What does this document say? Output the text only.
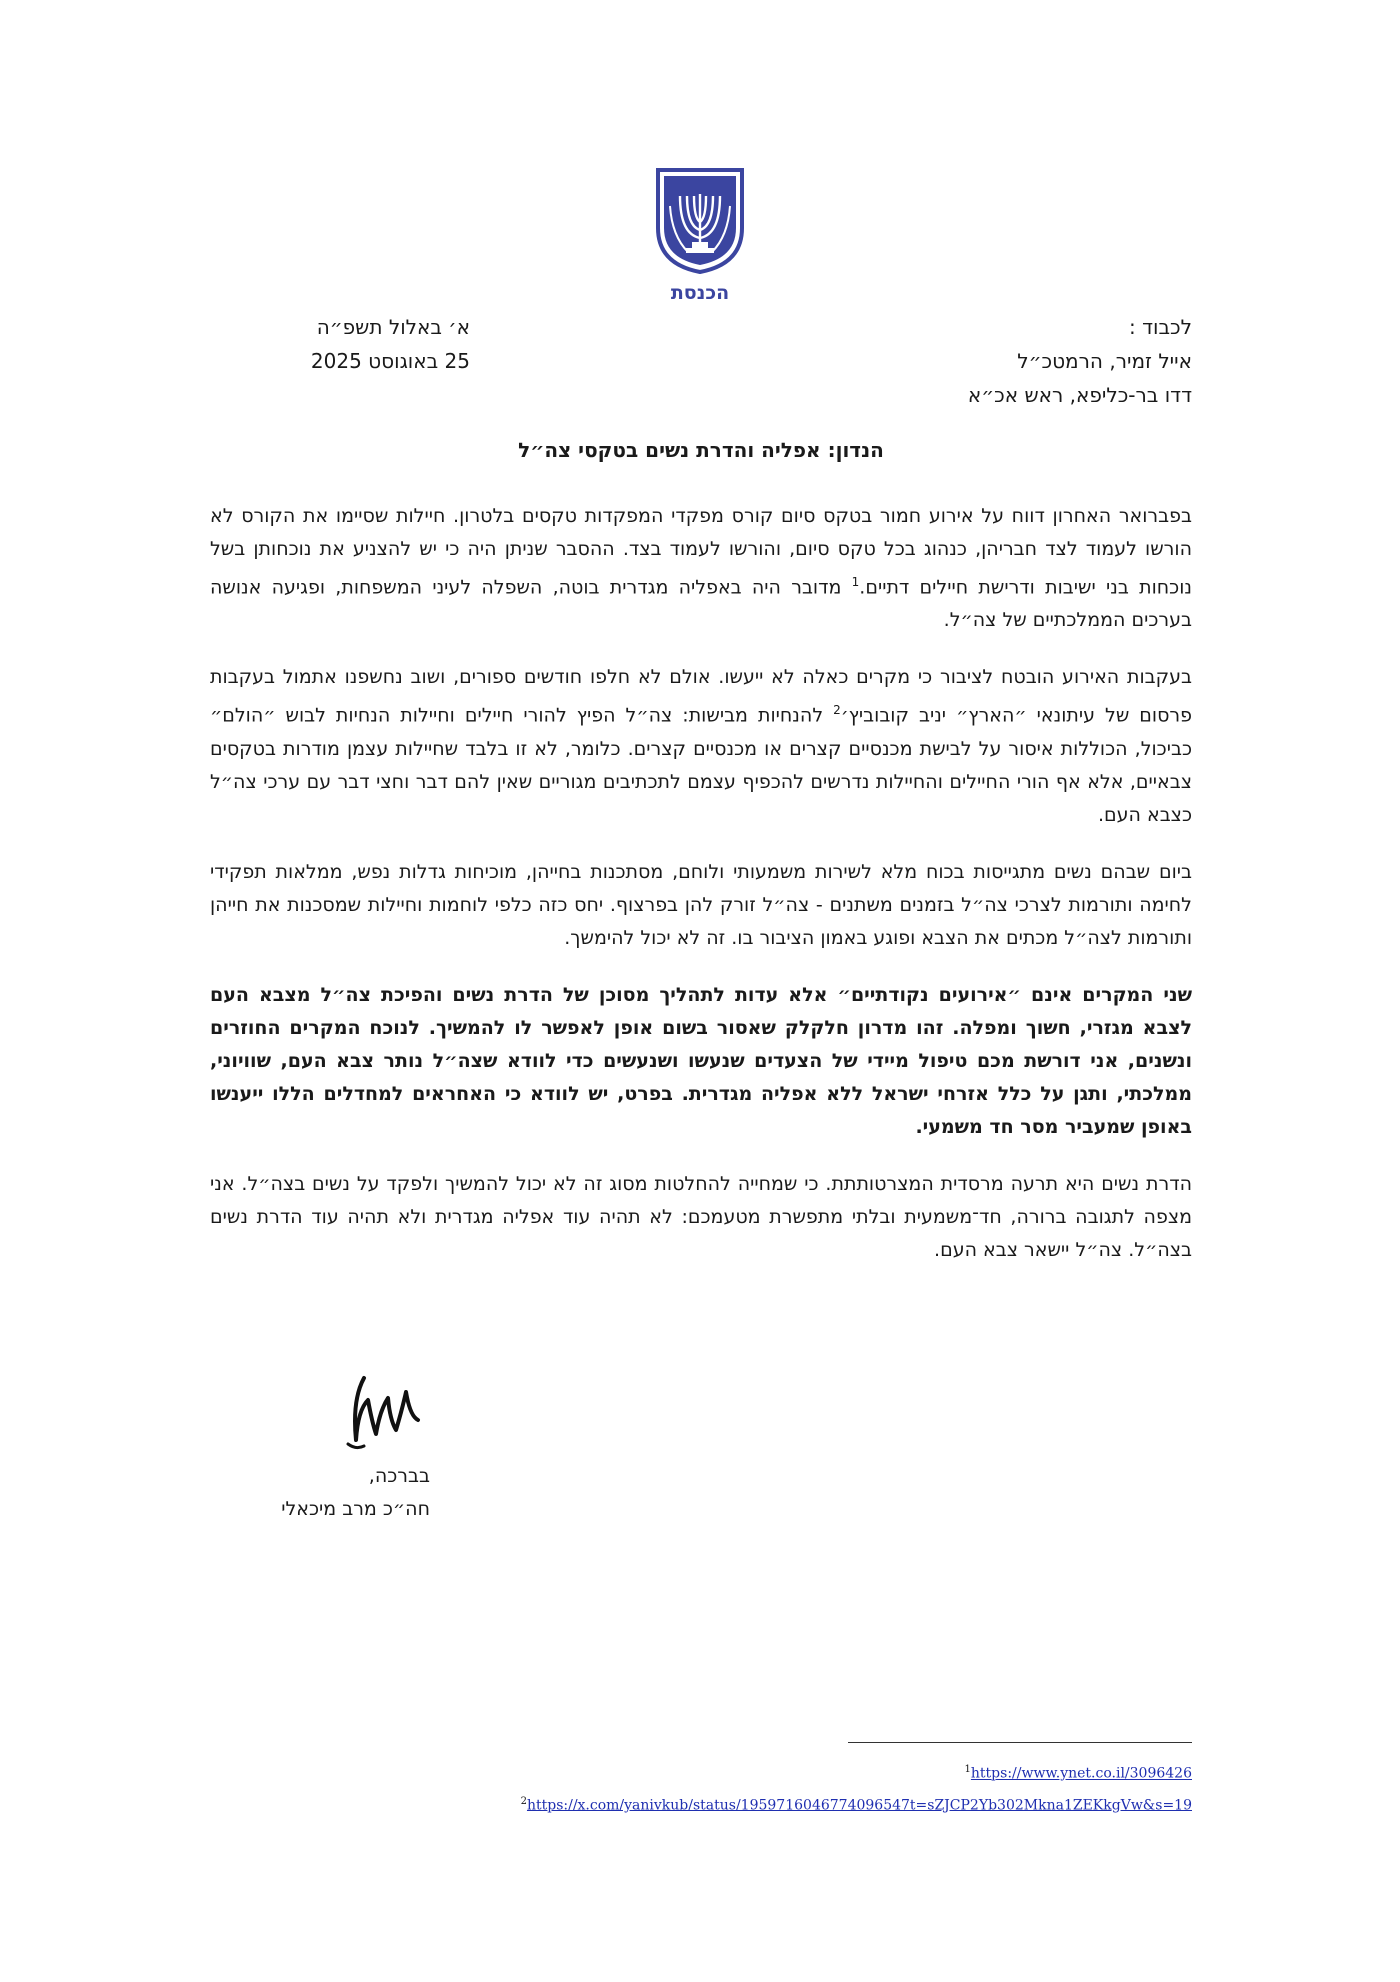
הכנסת
לכבוד :
אייל זמיר, הרמטכ״ל
דדו בר-כליפא, ראש אכ״א
א׳ באלול תשפ״ה
25 באוגוסט 2025
הנדון: אפליה והדרת נשים בטקסי צה״ל

בפברואר האחרון דווח על אירוע חמור בטקס סיום קורס מפקדי המפקדות טקסים בלטרון. חיילות שסיימו את הקורס לא הורשו לעמוד לצד חבריהן, כנהוג בכל טקס סיום, והורשו לעמוד בצד. ההסבר שניתן היה כי יש להצניע את נוכחותן בשל נוכחות בני ישיבות ודרישת חיילים דתיים.$^1$ מדובר היה באפליה מגדרית בוטה, השפלה לעיני המשפחות, ופגיעה אנושה בערכים הממלכתיים של צה״ל.

בעקבות האירוע הובטח לציבור כי מקרים כאלה לא ייעשו. אולם לא חלפו חודשים ספורים, ושוב נחשפנו אתמול בעקבות פרסום של עיתונאי ״הארץ״ יניב קובוביץ׳$^2$ להנחיות מבישות: צה״ל הפיץ להורי חיילים וחיילות הנחיות לבוש ״הולם״ כביכול, הכוללות איסור על לבישת מכנסיים קצרים או מכנסיים קצרים. כלומר, לא זו בלבד שחיילות עצמן מודרות בטקסים צבאיים, אלא אף הורי החיילים והחיילות נדרשים להכפיף עצמם לתכתיבים מגוריים שאין להם דבר וחצי דבר עם ערכי צה״ל כצבא העם.

ביום שבהם נשים מתגייסות בכוח מלא לשירות משמעותי ולוחם, מסתכנות בחייהן, מוכיחות גדלות נפש, ממלאות תפקידי לחימה ותורמות לצרכי צה״ל בזמנים משתנים - צה״ל זורק להן בפרצוף. יחס כזה כלפי לוחמות וחיילות שמסכנות את חייהן ותורמות לצה״ל מכתים את הצבא ופוגע באמון הציבור בו. זה לא יכול להימשך.

שני המקרים אינם ״אירועים נקודתיים״ אלא עדות לתהליך מסוכן של הדרת נשים והפיכת צה״ל מצבא העם לצבא מגזרי, חשוך ומפלה. זהו מדרון חלקלק שאסור בשום אופן לאפשר לו להמשיך. לנוכח המקרים החוזרים ונשנים, אני דורשת מכם טיפול מיידי של הצעדים שנעשו ושנעשים כדי לוודא שצה״ל נותר צבא העם, שוויוני, ממלכתי, ותגן על כלל אזרחי ישראל ללא אפליה מגדרית. בפרט, יש לוודא כי האחראים למחדלים הללו ייענשו באופן שמעביר מסר חד משמעי.

הדרת נשים היא תרעה מרסדית המצרטותתת. כי שמחייה להחלטות מסוג זה לא יכול להמשיך ולפקד על נשים בצה״ל. אני מצפה לתגובה ברורה, חד־משמעית ובלתי מתפשרת מטעמכם: לא תהיה עוד אפליה מגדרית ולא תהיה עוד הדרת נשים בצה״ל. צה״ל יישאר צבא העם.

בברכה,
חה״כ מרב מיכאלי
$^1$https://www.ynet.co.il/3096426
$^2$https://x.com/yanivkub/status/1959716046774096547t=sZJCP2Yb302Mkna1ZEKkgVw&s=19
